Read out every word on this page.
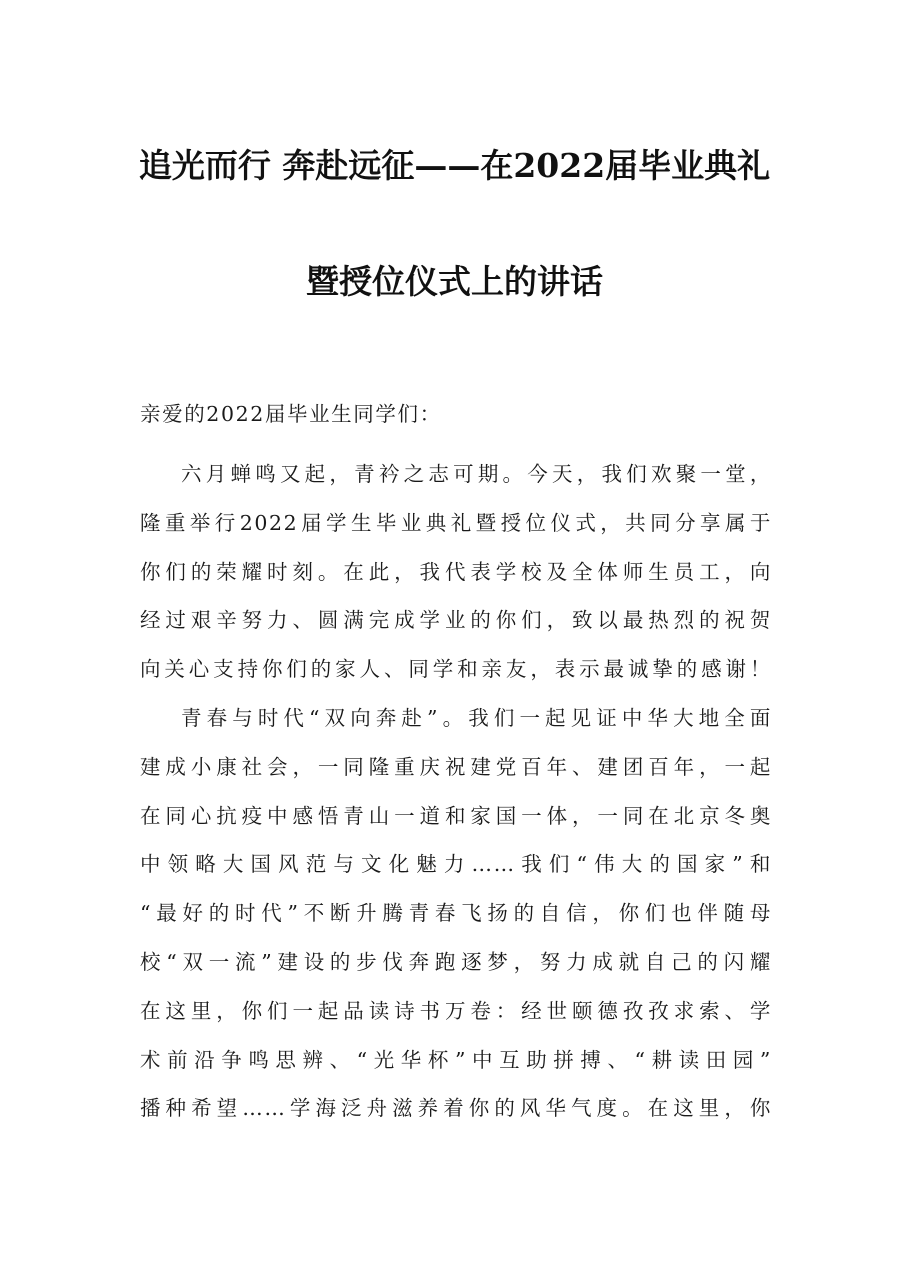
追光而行 奔赴远征——在2022届毕业典礼
暨授位仪式上的讲话
亲爱的2022届毕业生同学们：
六月蝉鸣又起，青衿之志可期。今天，我们欢聚一堂，
隆重举行2022届学生毕业典礼暨授位仪式，共同分享属于
你们的荣耀时刻。在此，我代表学校及全体师生员工，向
经过艰辛努力、圆满完成学业的你们，致以最热烈的祝贺
向关心支持你们的家人、同学和亲友，表示最诚挚的感谢！
青春与时代“双向奔赴”。我们一起见证中华大地全面
建成小康社会，一同隆重庆祝建党百年、建团百年，一起
在同心抗疫中感悟青山一道和家国一体，一同在北京冬奥
中领略大国风范与文化魅力……我们“伟大的国家”和
“最好的时代”不断升腾青春飞扬的自信，你们也伴随母
校“双一流”建设的步伐奔跑逐梦，努力成就自己的闪耀
在这里，你们一起品读诗书万卷：经世颐德孜孜求索、学
术前沿争鸣思辨、“光华杯”中互助拼搏、“耕读田园”
播种希望……学海泛舟滋养着你的风华气度。在这里，你
